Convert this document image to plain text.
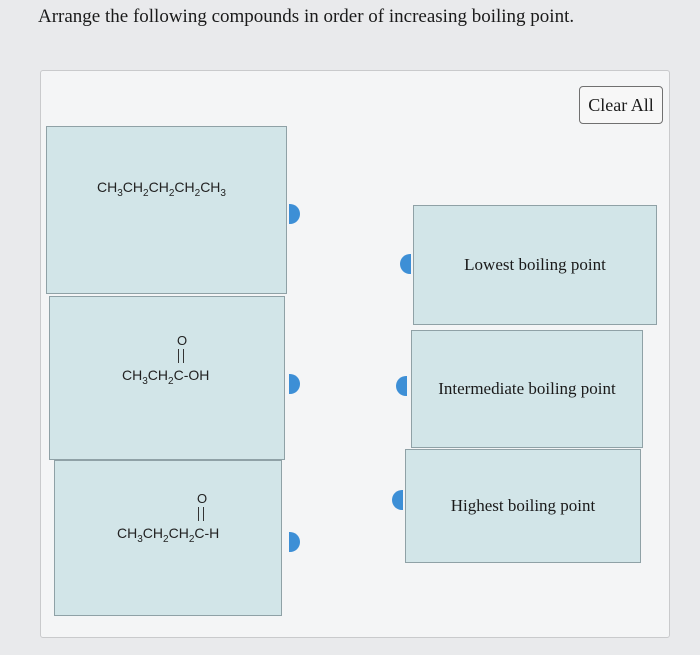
Arrange the following compounds in order of increasing boiling point.
Clear All
$CH_3CH_2CH_2CH_2CH_3$
O
$CH_3CH_2C-OH$
O
$CH_3CH_2CH_2C-H$
Lowest boiling point
Intermediate boiling point
Highest boiling point
